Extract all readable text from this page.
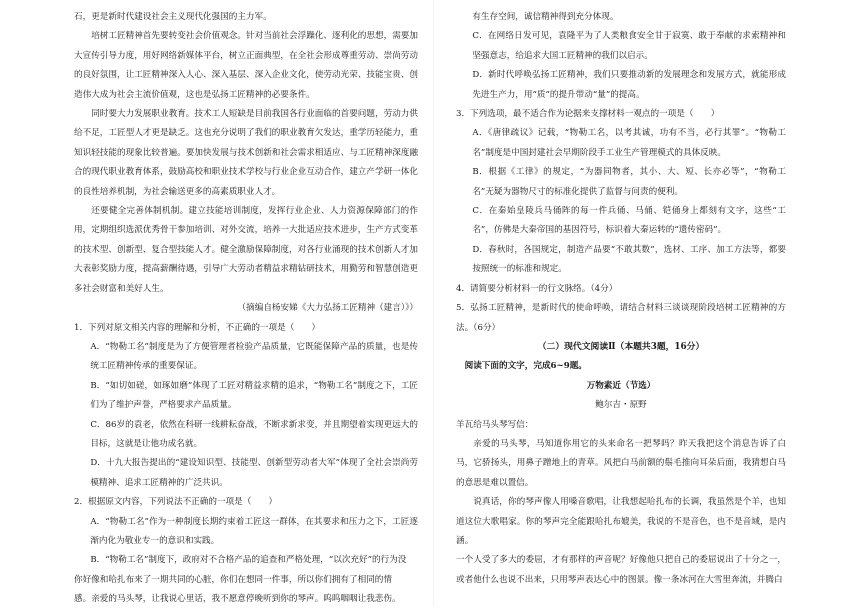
石，更是新时代建设社会主义现代化强国的主力军。

培树工匠精神首先要转变社会价值观念。针对当前社会浮躁化、逐利化的思想，需要加大宣传引导力度，用好网络新媒体平台，树立正面典型，在全社会形成尊重劳动、崇尚劳动的良好氛围，让工匠精神深入人心、深入基层、深入企业文化，使劳动光荣、技能宝贵、创造伟大成为社会主流价值观，这也是弘扬工匠精神的必要条件。

同时要大力发展职业教育。技术工人短缺是目前我国各行业面临的首要问题，劳动力供给不足，工匠型人才更是缺乏。这也充分说明了我们的职业教育欠发达，重学历轻能力，重知识轻技能的现象比较普遍。要加快发展与技术创新和社会需求相适应、与工匠精神深度融合的现代职业教育体系，鼓励高校和职业技术学校与行业企业互动合作，建立产学研一体化的良性培养机制，为社会输送更多的高素质职业人才。

还要健全完善体制机制。建立技能培训制度，发挥行业企业、人力资源保障部门的作用，定期组织选派优秀骨干参加培训、对外交流，培养一大批适应技术进步，生产方式变革的技术型、创新型、复合型技能人才。健全激励保障制度，对各行业涌现的技术创新人才加大表彰奖励力度，提高薪酬待遇，引导广大劳动者精益求精钻研技术，用勤劳和智慧创造更多社会财富和美好人生。

（摘编自杨安娣《大力弘扬工匠精神（建言）》）

1．下列对原文相关内容的理解和分析，不正确的一项是（　　）

A．“物勒工名”制度是为了方便管理者检验产品质量，它既能保障产品的质量，也是传统工匠精神传承的重要保证。

B．“如切如磋，如琢如磨”体现了工匠对精益求精的追求，“物勒工名”制度之下，工匠们为了维护声誉，严格要求产品质量。

C．86岁的袁老，依然在科研一线耕耘奋战，不断求新求变，并且期望着实现更远大的目标，这就是让他功成名就。

D．十九大报告提出的“建设知识型、技能型、创新型劳动者大军”体现了全社会崇尚劳模精神、追求工匠精神的广泛共识。

2．根据原文内容，下列说法不正确的一项是（　　）

A．“物勒工名”作为一种制度长期约束着工匠这一群体，在其要求和压力之下，工匠逐渐内化为敬业专一的意识和实践。

B．“物勒工名”制度下，政府对不合格产品的追查和严格处理，“以次充好”的行为没

你好像和哈扎布来了一期共同的心脏，你们在想同一件事，所以你们拥有了相同的情

感。亲爱的马头琴，让我说心里话，我不愿意停晚听到你的琴声。呜呜咽咽让我悲伤。

有生存空间，诚信精神得到充分体现。

C．在网络日发可见，袁隆平为了人类粮食安全甘于寂寞、敢于奉献的求索精神和坚强意志，给追求大国工匠精神的我们以启示。

D．新时代呼唤弘扬工匠精神，我们只要推动新的发展理念和发展方式，就能形成先进生产力，用“质”的提升带动“量”的提高。

3．下列选项，最不适合作为论据来支撑材料一观点的一项是（　　）

A．《唐律疏议》记载，“物勒工名，以考其诚，功有不当，必行其罪”。“物勒工名”制度是中国封建社会早期阶段手工业生产管理模式的具体反映。

B．根据《工律》的规定，“为器同物者，其小、大、短、长亦必等”，“物勒工名”无疑为器物尺寸的标准化提供了监督与问责的便利。

C．在秦始皇陵兵马俑阵的每一件兵俑、马俑、铠俑身上都刻有文字，这些“工名”，仿佛是大秦帝国的基因符号，标识着大秦运转的“遗传密码”。

D．春秋时，各国规定，制造产品要“不敢其数”，选材、工序、加工方法等，都要按照统一的标准和规定。

4．请简要分析材料一的行文脉络。（4分）

5．弘扬工匠精神，是新时代的使命呼唤，请结合材料三谈谈现阶段培树工匠精神的方法。（6分）

（二）现代文阅读Ⅱ（本题共3题，16分）

阅读下面的文字，完成6~9题。

万物素近（节选）

鲍尔吉・原野

羊瓦给马头琴写信：

亲爱的马头琴，马知道你用它的头来命名一把琴吗？昨天我把这个消息告诉了白马，它骄扬头，用鼻子蹭地上的青草。风把白马前额的鬃毛推向耳朵后面，我猜想白马的意思是难以置信。

说真话，你的琴声像人用嗓音歌唱，让我想起哈扎布的长调，我虽然是个羊，也知道这位大歌唱家。你的琴声完全能跟哈扎布媲美，我说的不是音色，也不是音域，是内涵。

一个人受了多大的委屈，才有那样的声音呢？好像他只把自己的委屈说出了十分之一，或者他什么也说不出来，只用琴声表达心中的图景。像一条冰河在大雪里奔流，并腾白
